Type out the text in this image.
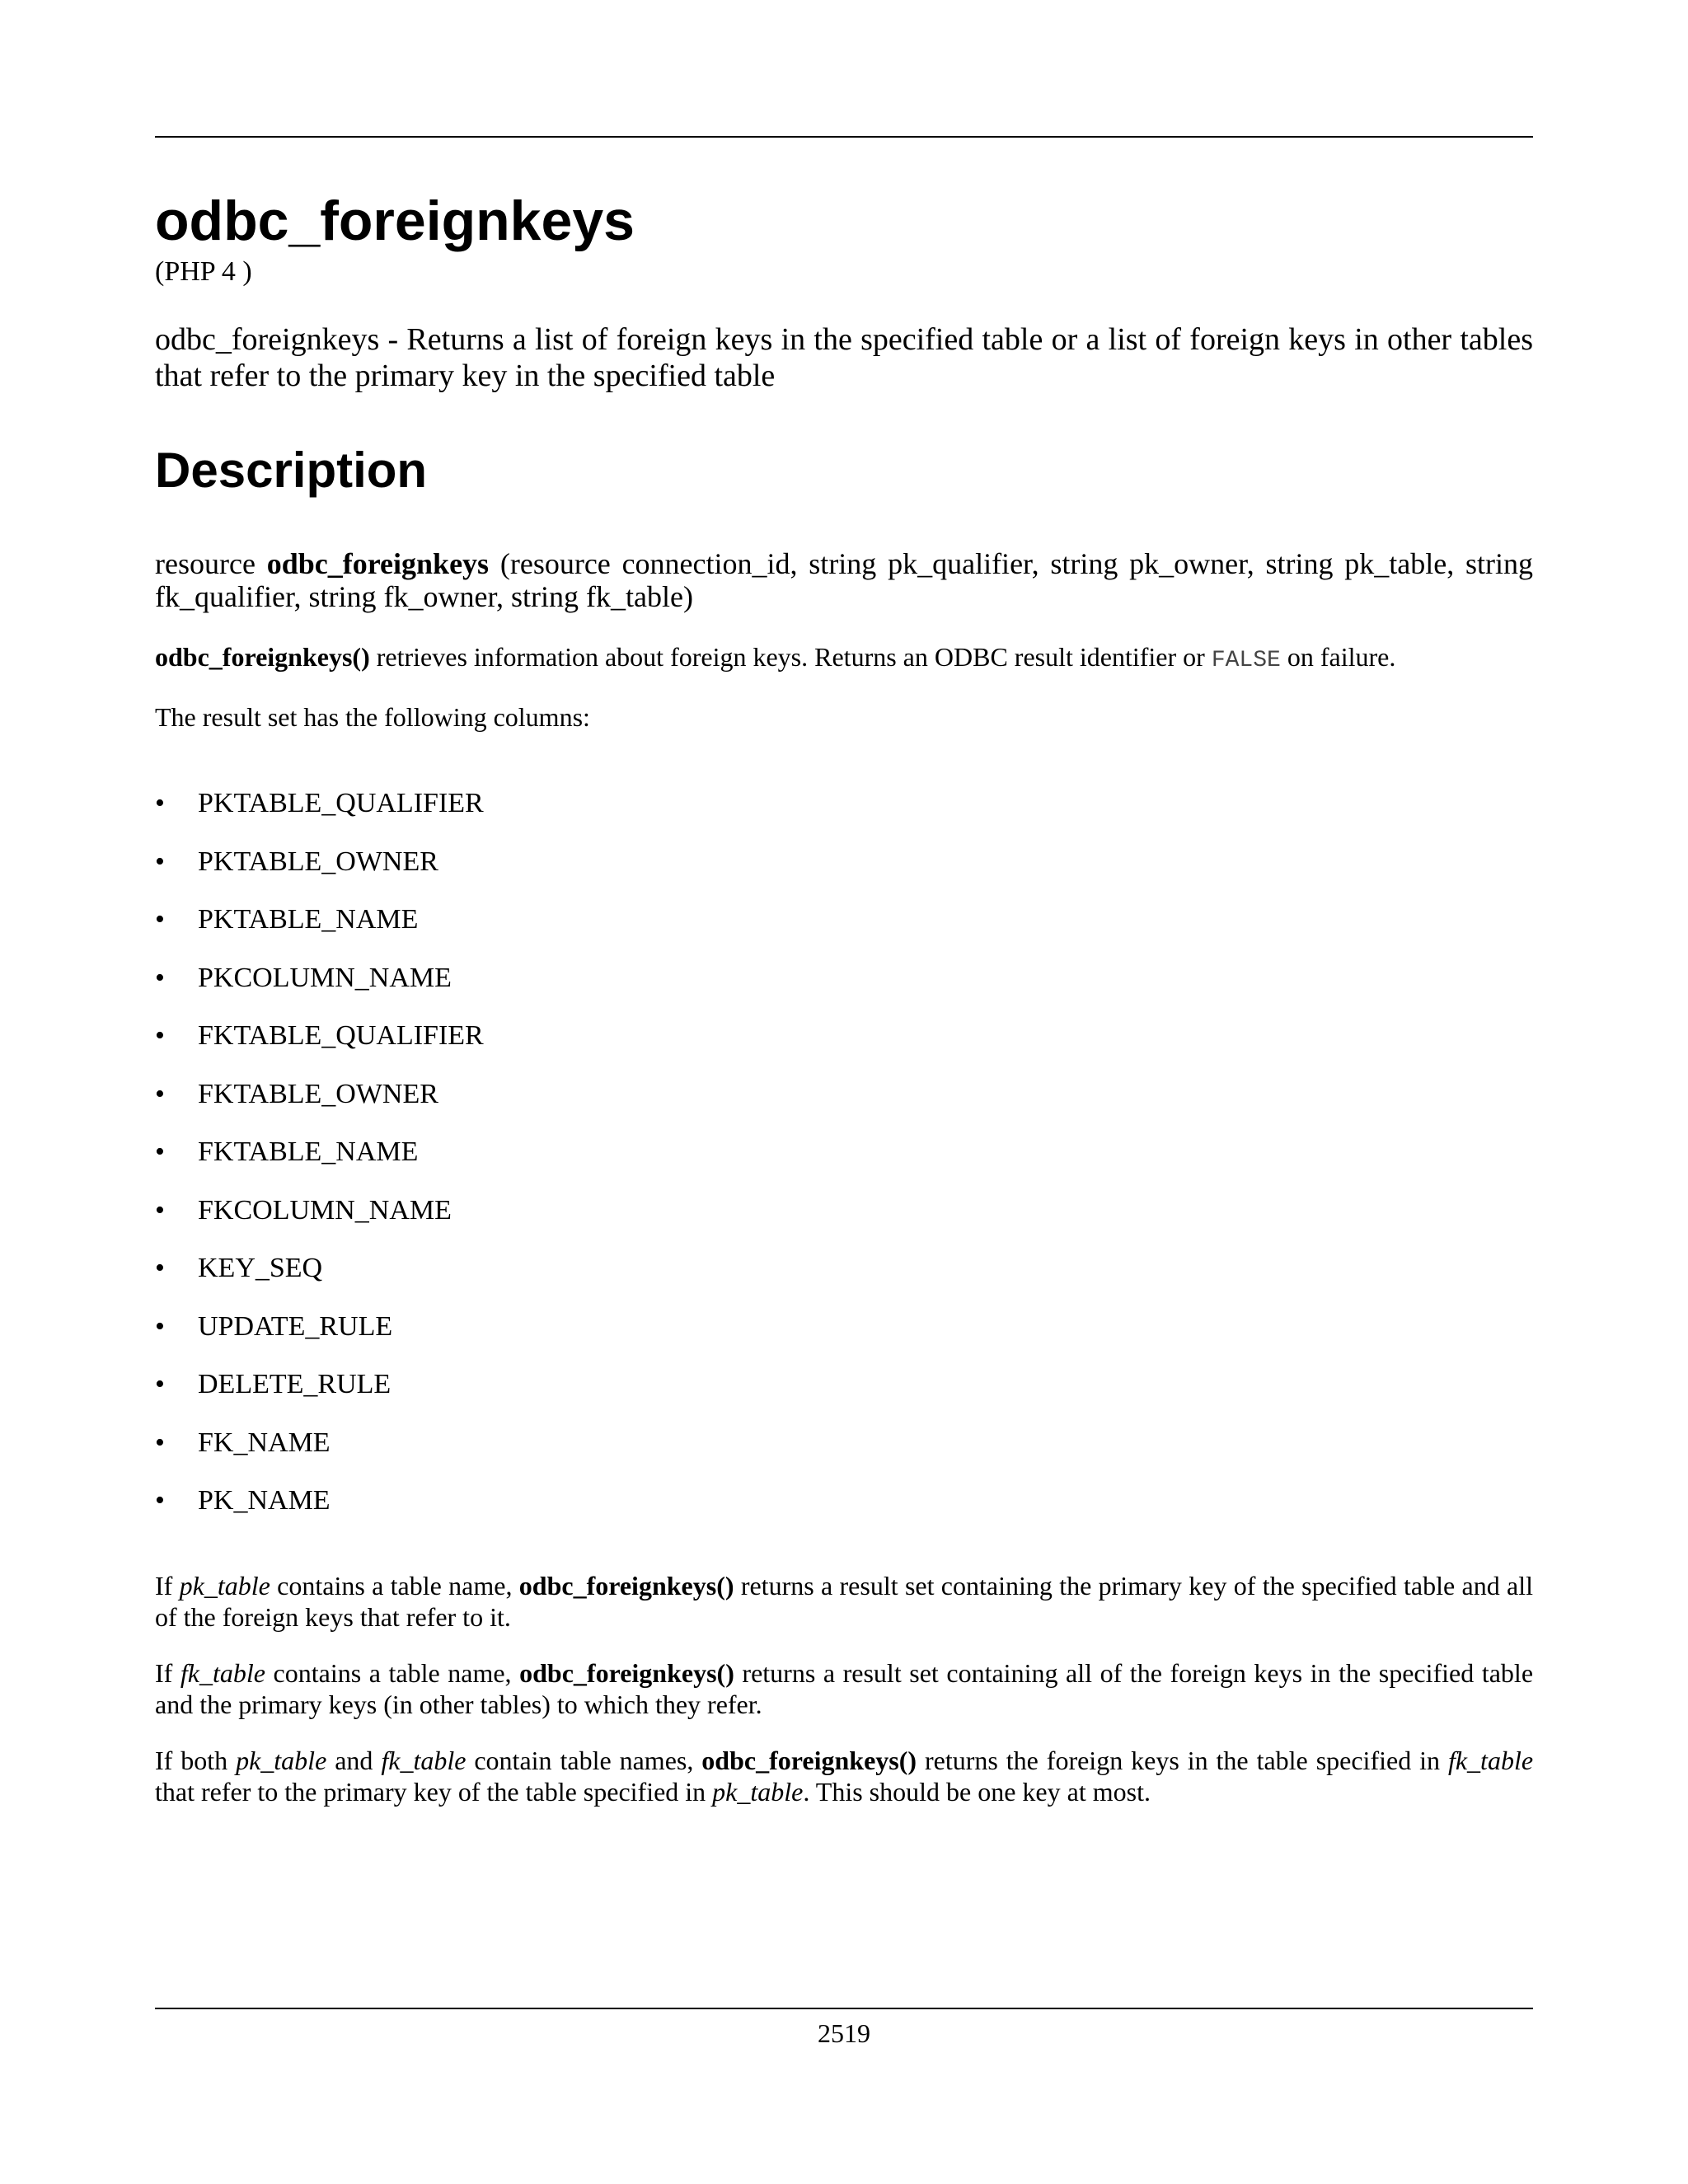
odbc_foreignkeys
(PHP 4 )

odbc_foreignkeys - Returns a list of foreign keys in the specified table or a list of foreign keys in other tables that refer to the primary key in the specified table

Description

resource odbc_foreignkeys (resource connection_id, string pk_qualifier, string pk_owner, string pk_table, string fk_qualifier, string fk_owner, string fk_table)

odbc_foreignkeys() retrieves information about foreign keys. Returns an ODBC result identifier or FALSE on failure.

The result set has the following columns:

• PKTABLE_QUALIFIER
• PKTABLE_OWNER
• PKTABLE_NAME
• PKCOLUMN_NAME
• FKTABLE_QUALIFIER
• FKTABLE_OWNER
• FKTABLE_NAME
• FKCOLUMN_NAME
• KEY_SEQ
• UPDATE_RULE
• DELETE_RULE
• FK_NAME
• PK_NAME

If pk_table contains a table name, odbc_foreignkeys() returns a result set containing the primary key of the specified table and all of the foreign keys that refer to it.

If fk_table contains a table name, odbc_foreignkeys() returns a result set containing all of the foreign keys in the specified table and the primary keys (in other tables) to which they refer.

If both pk_table and fk_table contain table names, odbc_foreignkeys() returns the foreign keys in the table specified in fk_table that refer to the primary key of the table specified in pk_table. This should be one key at most.

2519
